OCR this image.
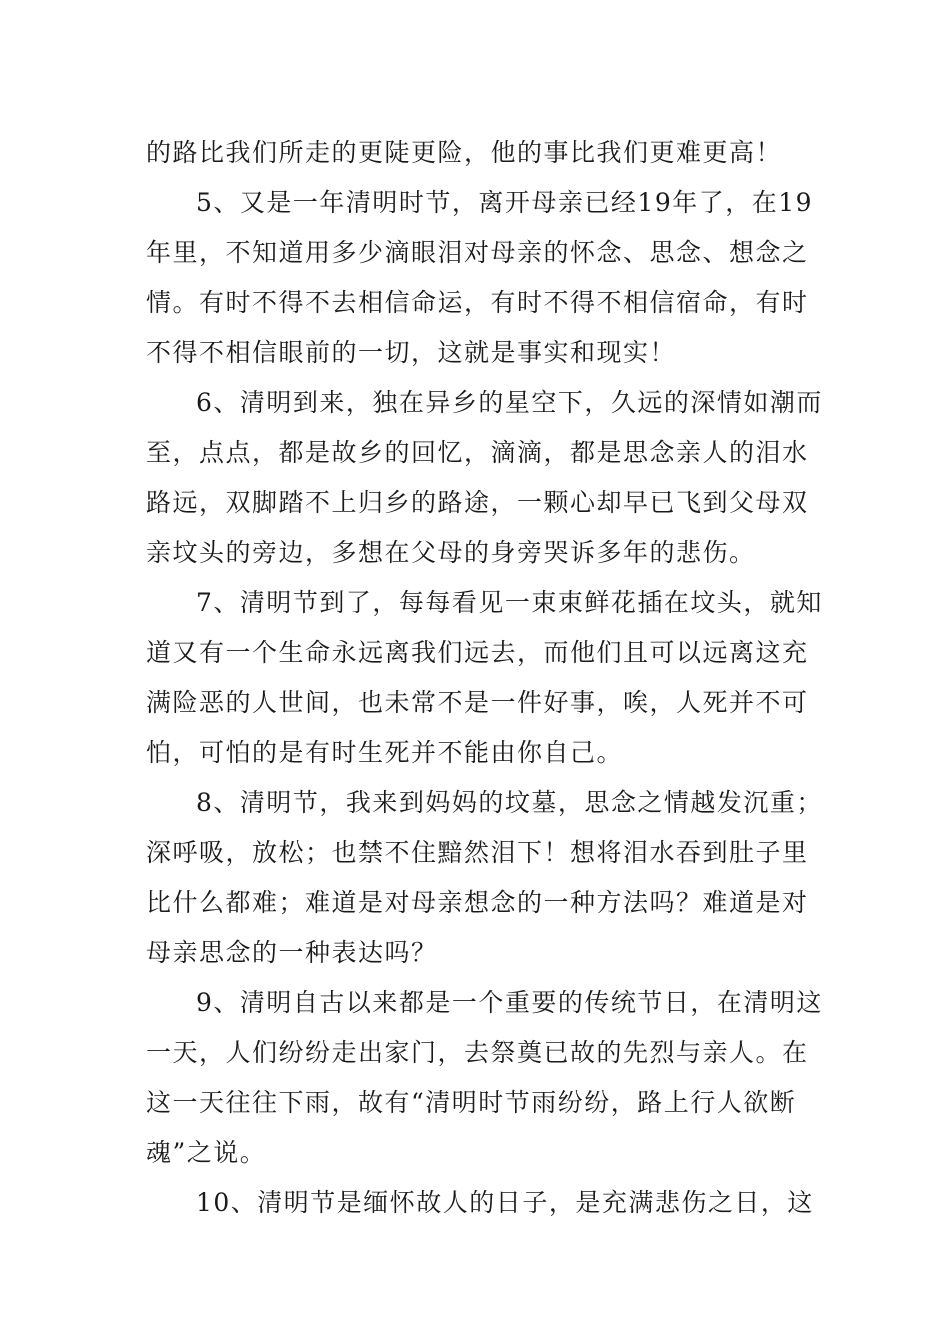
的路比我们所走的更陡更险，他的事比我们更难更高！
5、又是一年清明时节，离开母亲已经19年了，在19
年里，不知道用多少滴眼泪对母亲的怀念、思念、想念之
情。有时不得不去相信命运，有时不得不相信宿命，有时
不得不相信眼前的一切，这就是事实和现实！
6、清明到来，独在异乡的星空下，久远的深情如潮而
至，点点，都是故乡的回忆，滴滴，都是思念亲人的泪水
路远，双脚踏不上归乡的路途，一颗心却早已飞到父母双
亲坟头的旁边，多想在父母的身旁哭诉多年的悲伤。
7、清明节到了，每每看见一束束鲜花插在坟头，就知
道又有一个生命永远离我们远去，而他们且可以远离这充
满险恶的人世间，也未常不是一件好事，唉，人死并不可
怕，可怕的是有时生死并不能由你自己。
8、清明节，我来到妈妈的坟墓，思念之情越发沉重；
深呼吸，放松；也禁不住黯然泪下！想将泪水吞到肚子里
比什么都难；难道是对母亲想念的一种方法吗？难道是对
母亲思念的一种表达吗？
9、清明自古以来都是一个重要的传统节日，在清明这
一天，人们纷纷走出家门，去祭奠已故的先烈与亲人。在
这一天往往下雨，故有“清明时节雨纷纷，路上行人欲断
魂”之说。
10、清明节是缅怀故人的日子，是充满悲伤之日，这
